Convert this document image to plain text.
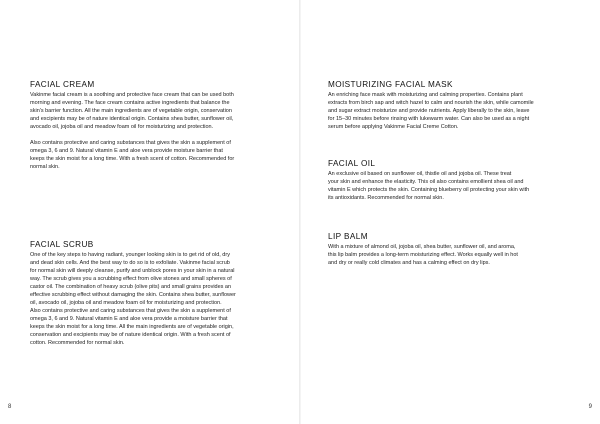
FACIAL CREAM
Vakinme facial cream is a soothing and protective face cream that can be used both
morning and evening. The face cream contains active ingredients that balance the
skin's barrier function. All the main ingredients are of vegetable origin, conservation
and excipients may be of nature identical origin. Contains shea butter, sunflower oil,
avocado oil, jojoba oil and meadow foam oil for moisturizing and protection.
Also contains protective and caring substances that gives the skin a supplement of
omega 3, 6 and 9. Natural vitamin E and aloe vera provide moisture barrier that
keeps the skin moist for a long time. With a fresh scent of cotton. Recommended for
normal skin.
FACIAL SCRUB
One of the key steps to having radiant, younger looking skin is to get rid of old, dry
and dead skin cells. And the best way to do so is to exfoliate. Vakinme facial scrub
for normal skin will deeply cleanse, purify and unblock pores in your skin in a natural
way. The scrub gives you a scrubbing effect from olive stones and small spheres of
castor oil. The combination of heavy scrub (olive pits) and small grains provides an
effective scrubbing effect without damaging the skin. Contains shea butter, sunflower
oil, avocado oil, jojoba oil and meadow foam oil for moisturizing and protection.
Also contains protective and caring substances that gives the skin a supplement of
omega 3, 6 and 9. Natural vitamin E and aloe vera provide a moisture barrier that
keeps the skin moist for a long time. All the main ingredients are of vegetable origin,
conservation and excipients may be of nature identical origin. With a fresh scent of
cotton. Recommended for normal skin.
8
MOISTURIZING FACIAL MASK
An enriching face mask with moisturizing and calming properties. Contains plant
extracts from birch sap and witch hazel to calm and nourish the skin, while camomile
and sugar extract moisturize and provide nutrients. Apply liberally to the skin, leave
for 15–30 minutes before rinsing with lukewarm water. Can also be used as a night
serum before applying Vakinme Facial Creme Cotton.
FACIAL OIL
An exclusive oil based on sunflower oil, thistle oil and jojoba oil. These treat
your skin and enhance the elasticity. This oil also contains emollient shea oil and
vitamin E which protects the skin. Containing blueberry oil protecting your skin with
its antioxidants. Recommended for normal skin.
LIP BALM
With a mixture of almond oil, jojoba oil, shea butter, sunflower oil, and aroma,
this lip balm provides a long-term moisturizing effect. Works equally well in hot
and dry or really cold climates and has a calming effect on dry lips.
9
